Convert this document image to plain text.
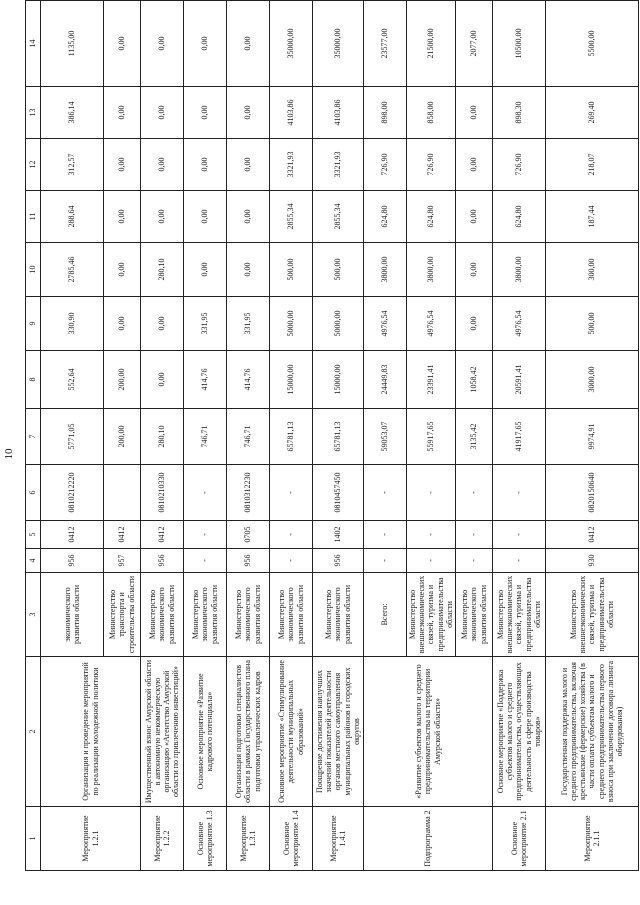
10
1	2	3	4	5	6	7	8	9	10	11	12	13	14
Мероприятие 1.2.1	Организация и проведение мероприятий по реализации молодежной политики	экономического развития области	956	0412	0810212220	5771,05	552,64	330,90	2785,46	288,64	312,57	386,14	1135,00
		Министерство транспорта и строительства области	957	0412		200,00	200,00	0,00	0,00	0,00	0,00	0,00	0,00
Мероприятие 1.2.2	Имущественный взнос Амурской области в автономную некоммерческую организацию «Агентство Амурской области по привлечению инвестиций»	Министерство экономического развития области	956	0412	0810210330	280,10	0,00	0,00	280,10	0,00	0,00	0,00	0,00
Основное мероприятие 1.3	Основное мероприятие «Развитие кадрового потенциала»	Министерство экономического развития области	-	-	-	746,71	414,76	331,95	0,00	0,00	0,00	0,00	0,00
Мероприятие 1.3.1	Организация подготовки специалистов области в рамках Государственного плана подготовки управленческих кадров	Министерство экономического развития области	956	0705	0810312230	746,71	414,76	331,95	0,00	0,00	0,00	0,00	0,00
Основное мероприятие 1.4	Основное мероприятие «Стимулирование деятельности муниципальных образований»	Министерство экономического развития области	-	-	-	65781,13	15000,00	5000,00	500,00	2855,34	3321,93	4103,86	35000,00
Мероприятие 1.4.1	Поощрение достижения наилучших значений показателей деятельности органов местного самоуправления муниципальных районов и городских округов	Министерство экономического развития области	956	1402	0810457450	65781,13	15000,00	5000,00	500,00	2855,34	3321,93	4103,86	35000,00
Подпрограмма 2	«Развитие субъектов малого и среднего предпринимательства на территории Амурской области»	Всего:	-	-	-	59053,07	24449,83	4976,54	3800,00	624,80	726,90	898,00	23577,00
		Министерство внешнеэкономических связей, туризма и предпринимательства области	-	-	-	55917,65	23391,41	4976,54	3800,00	624,80	726,90	858,00	21500,00
		Министерство экономического развития области	-	-	-	3135,42	1058,42	0,00	0,00	0,00	0,00	0,00	2077,00
Основное мероприятие 2.1	Основное мероприятие «Поддержка субъектов малого и среднего предпринимательства, осуществляющих деятельность в сфере производства товаров»	Министерство внешнеэкономических связей, туризма и предпринимательства области	-	-	-	41917,65	20591,41	4976,54	3800,00	624,80	726,90	898,30	10500,00
Мероприятие 2.1.1	Государственная поддержка малого и среднего предпринимательства, включая крестьянские (фермерские) хозяйства (в части оплаты субъектам малого и среднего предпринимательства первого взноса при заключении договора лизинга оборудования)	Министерство внешнеэкономических связей, туризма и предпринимательства области	930	0412	0820150640	9974,91	3000,00	500,00	300,00	187,44	218,07	269,40	5500,00
